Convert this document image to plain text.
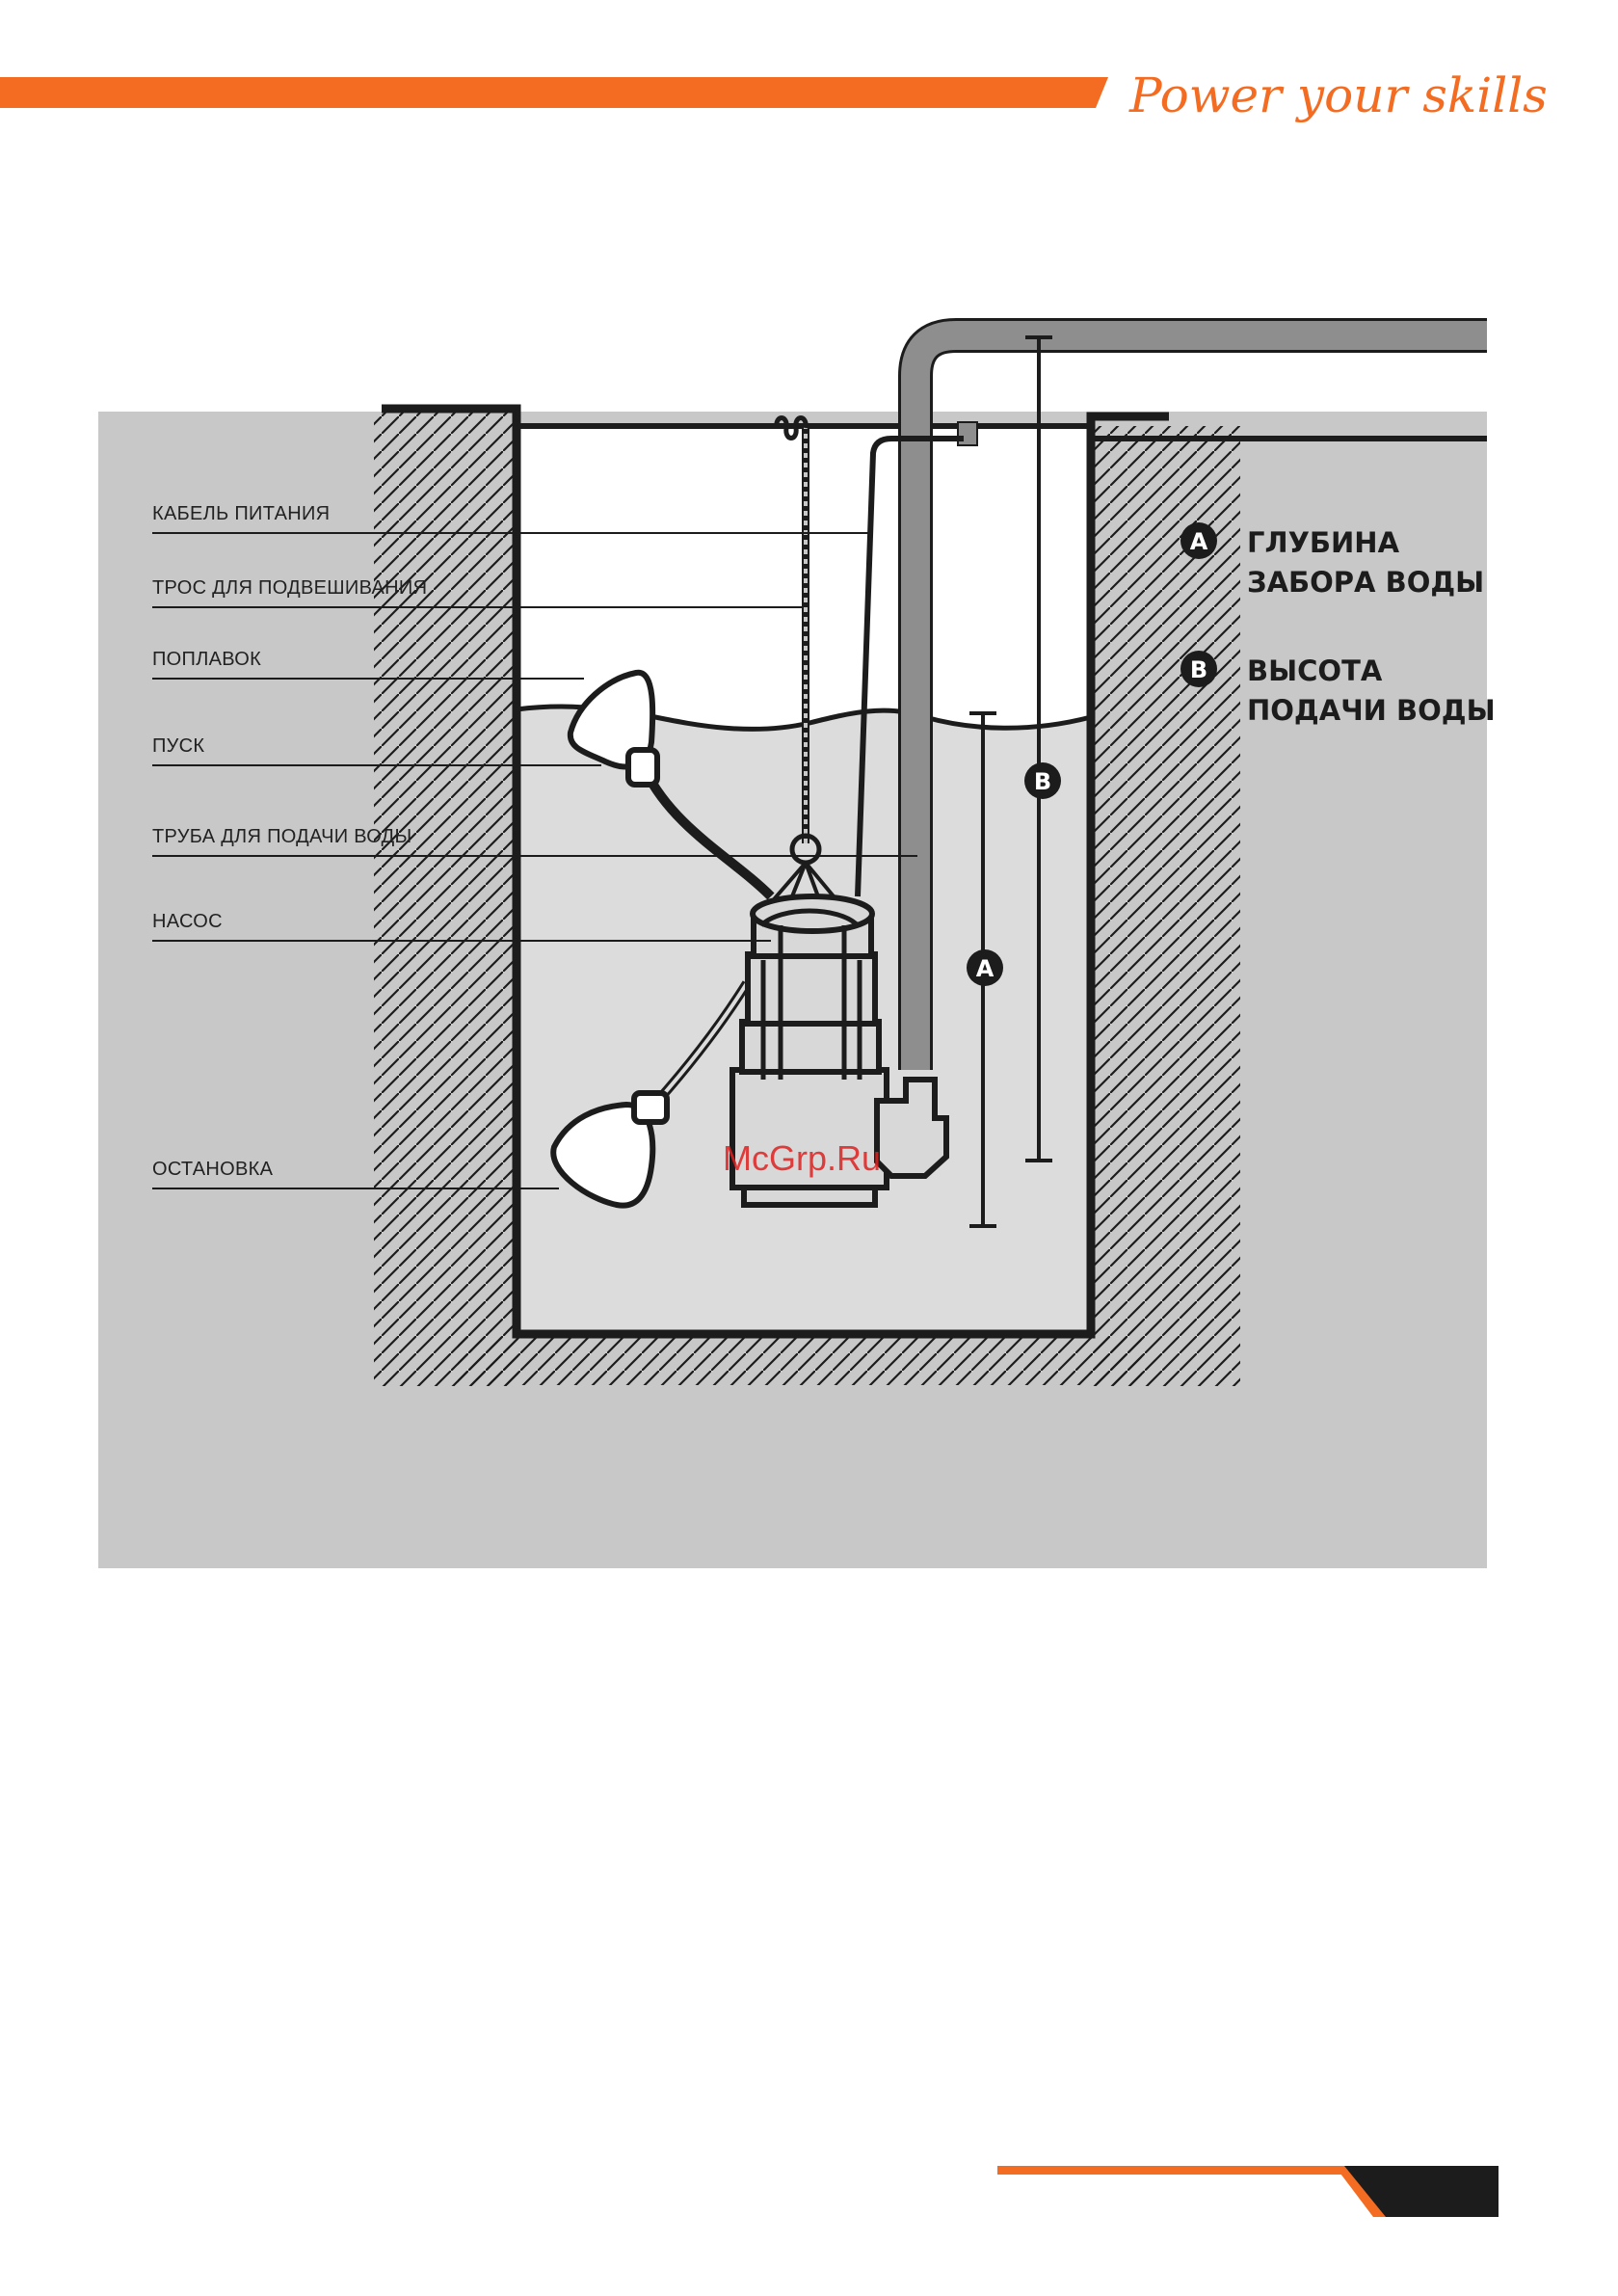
Power your skills
B
A
КАБЕЛЬ ПИТАНИЯ
ТРОС ДЛЯ ПОДВЕШИВАНИЯ
ПОПЛАВОК
ПУСК
ТРУБА ДЛЯ ПОДАЧИ ВОДЫ
НАСОС
ОСТАНОВКА
A ГЛУБИНА
ЗАБОРА ВОДЫ
B ВЫСОТА
ПОДАЧИ ВОДЫ
McGrp.Ru
